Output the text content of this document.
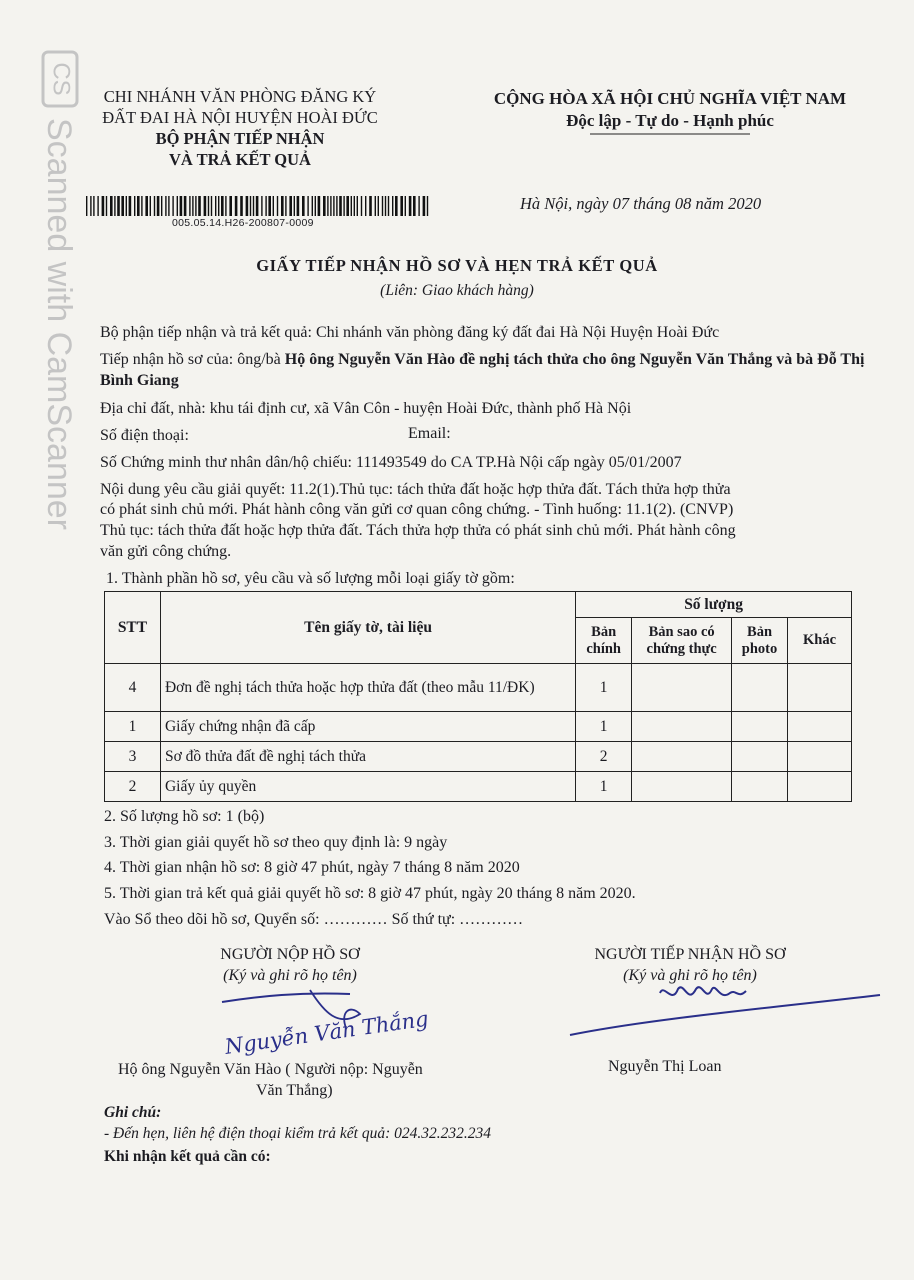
CS
Scanned with CamScanner
CHI NHÁNH VĂN PHÒNG ĐĂNG KÝ
ĐẤT ĐAI HÀ NỘI HUYỆN HOÀI ĐỨC
BỘ PHẬN TIẾP NHẬN
VÀ TRẢ KẾT QUẢ
CỘNG HÒA XÃ HỘI CHỦ NGHĨA VIỆT NAM
Độc lập - Tự do - Hạnh phúc
005.05.14.H26-200807-0009
Hà Nội, ngày 07 tháng 08 năm 2020
GIẤY TIẾP NHẬN HỒ SƠ VÀ HẸN TRẢ KẾT QUẢ
(Liên: Giao khách hàng)
Bộ phận tiếp nhận và trả kết quả: Chi nhánh văn phòng đăng ký đất đai Hà Nội Huyện Hoài Đức
Tiếp nhận hồ sơ của: ông/bà Hộ ông Nguyễn Văn Hào đề nghị tách thửa cho ông Nguyễn Văn Thắng và bà Đỗ Thị Bình Giang
Địa chỉ đất, nhà: khu tái định cư, xã Vân Côn - huyện Hoài Đức, thành phố Hà Nội
Số điện thoại:	Email:
Số Chứng minh thư nhân dân/hộ chiếu: 111493549 do CA TP.Hà Nội cấp ngày 05/01/2007
Nội dung yêu cầu giải quyết: 11.2(1).Thủ tục: tách thửa đất hoặc hợp thửa đất. Tách thửa hợp thửa
có phát sinh chủ mới. Phát hành công văn gửi cơ quan công chứng. - Tình huống: 11.1(2). (CNVP)
Thủ tục: tách thửa đất hoặc hợp thửa đất. Tách thửa hợp thửa có phát sinh chủ mới. Phát hành công
văn gửi công chứng.
1. Thành phần hồ sơ, yêu cầu và số lượng mỗi loại giấy tờ gồm:
STT	Tên giấy tờ, tài liệu	Số lượng			
		Bản chính	Bản sao có chứng thực	Bản photo	Khác
4	Đơn đề nghị tách thửa hoặc hợp thửa đất (theo mẫu 11/ĐK)	1			
1	Giấy chứng nhận đã cấp	1			
3	Sơ đồ thửa đất đề nghị tách thửa	2			
2	Giấy ủy quyền	1			
2. Số lượng hồ sơ: 1 (bộ)
3. Thời gian giải quyết hồ sơ theo quy định là: 9 ngày
4. Thời gian nhận hồ sơ: 8 giờ 47 phút, ngày 7 tháng 8 năm 2020
5. Thời gian trả kết quả giải quyết hồ sơ: 8 giờ 47 phút, ngày 20 tháng 8 năm 2020.
Vào Sổ theo dõi hồ sơ, Quyển số: ………… Số thứ tự: …………
NGƯỜI NỘP HỒ SƠ
(Ký và ghi rõ họ tên)
Nguyễn Văn Thắng
Hộ ông Nguyễn Văn Hào ( Người nộp: Nguyễn
Văn Thắng)
NGƯỜI TIẾP NHẬN HỒ SƠ
(Ký và ghi rõ họ tên)
Nguyễn Thị Loan
Ghi chú:
- Đến hẹn, liên hệ điện thoại kiểm trả kết quả: 024.32.232.234
Khi nhận kết quả cần có:
